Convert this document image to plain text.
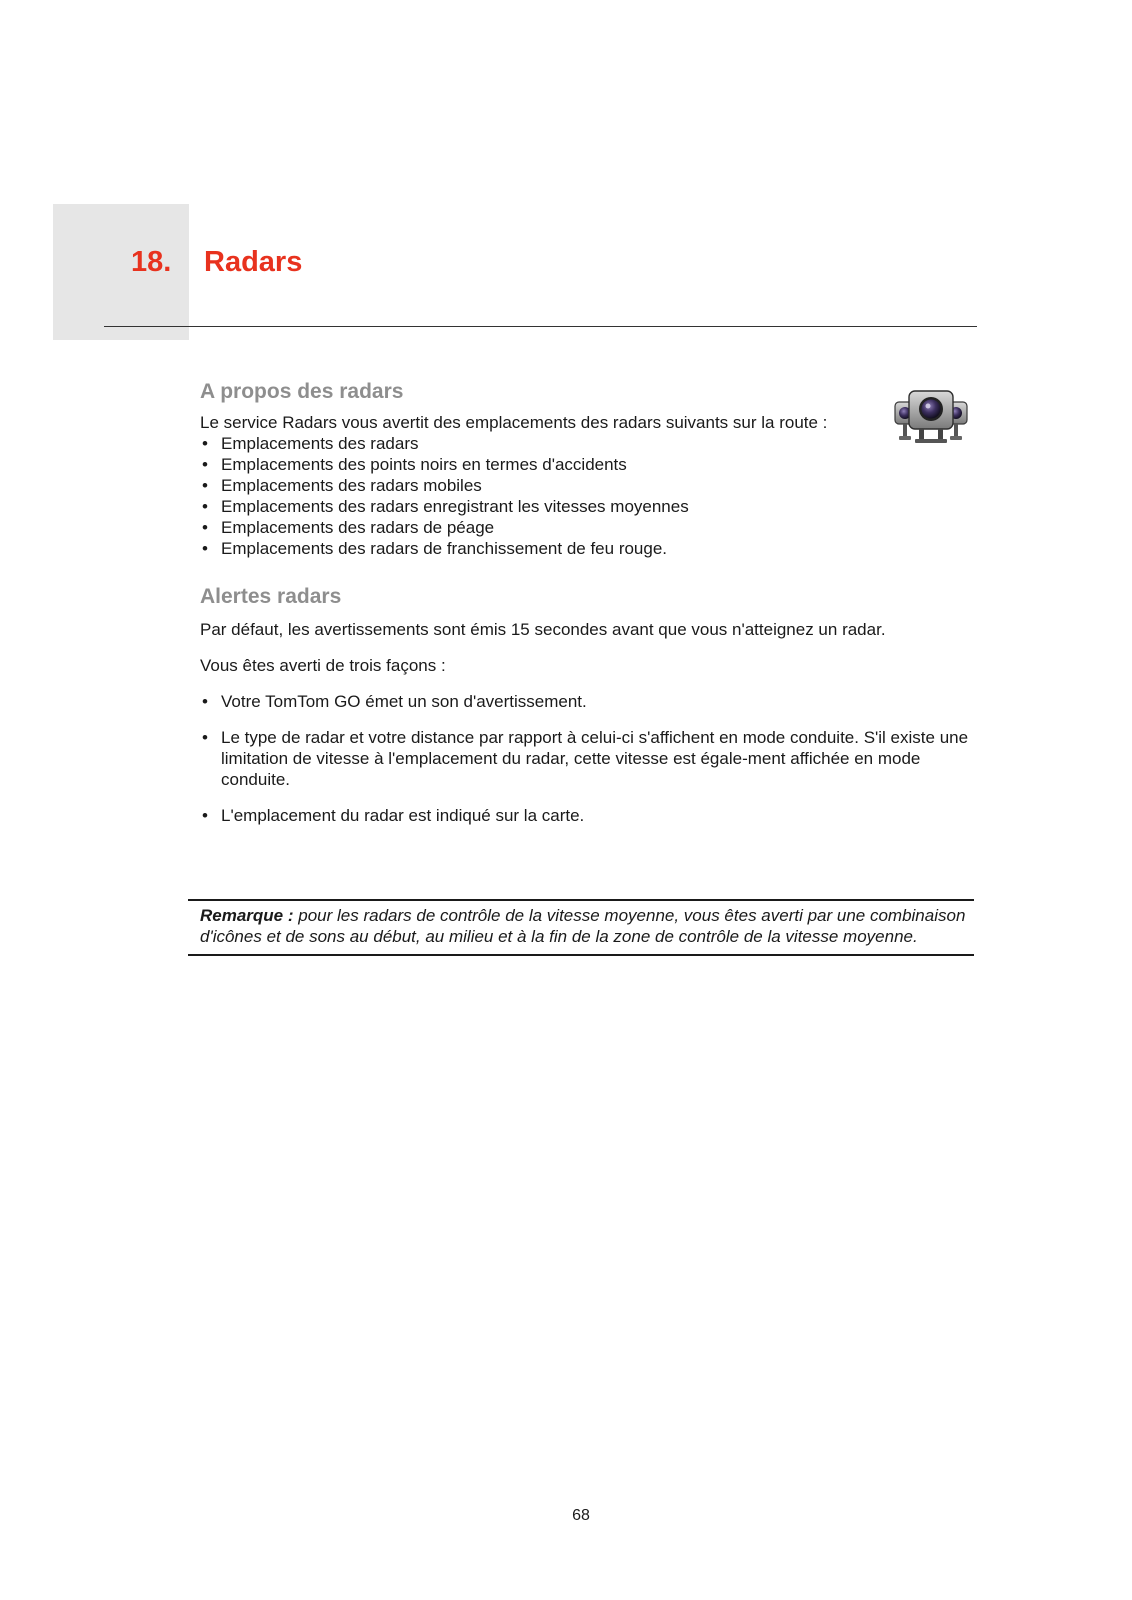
18. Radars
A propos des radars

Le service Radars vous avertit des emplacements des radars suivants sur la route :

• Emplacements des radars
• Emplacements des points noirs en termes d'accidents
• Emplacements des radars mobiles
• Emplacements des radars enregistrant les vitesses moyennes
• Emplacements des radars de péage
• Emplacements des radars de franchissement de feu rouge.
Alertes radars

Par défaut, les avertissements sont émis 15 secondes avant que vous n'atteignez un radar.

Vous êtes averti de trois façons :

• Votre TomTom GO émet un son d'avertissement.
• Le type de radar et votre distance par rapport à celui-ci s'affichent en mode conduite. S'il existe une limitation de vitesse à l'emplacement du radar, cette vitesse est égale-ment affichée en mode conduite.
• L'emplacement du radar est indiqué sur la carte.
Remarque : pour les radars de contrôle de la vitesse moyenne, vous êtes averti par une combinaison d'icônes et de sons au début, au milieu et à la fin de la zone de contrôle de la vitesse moyenne.
68
